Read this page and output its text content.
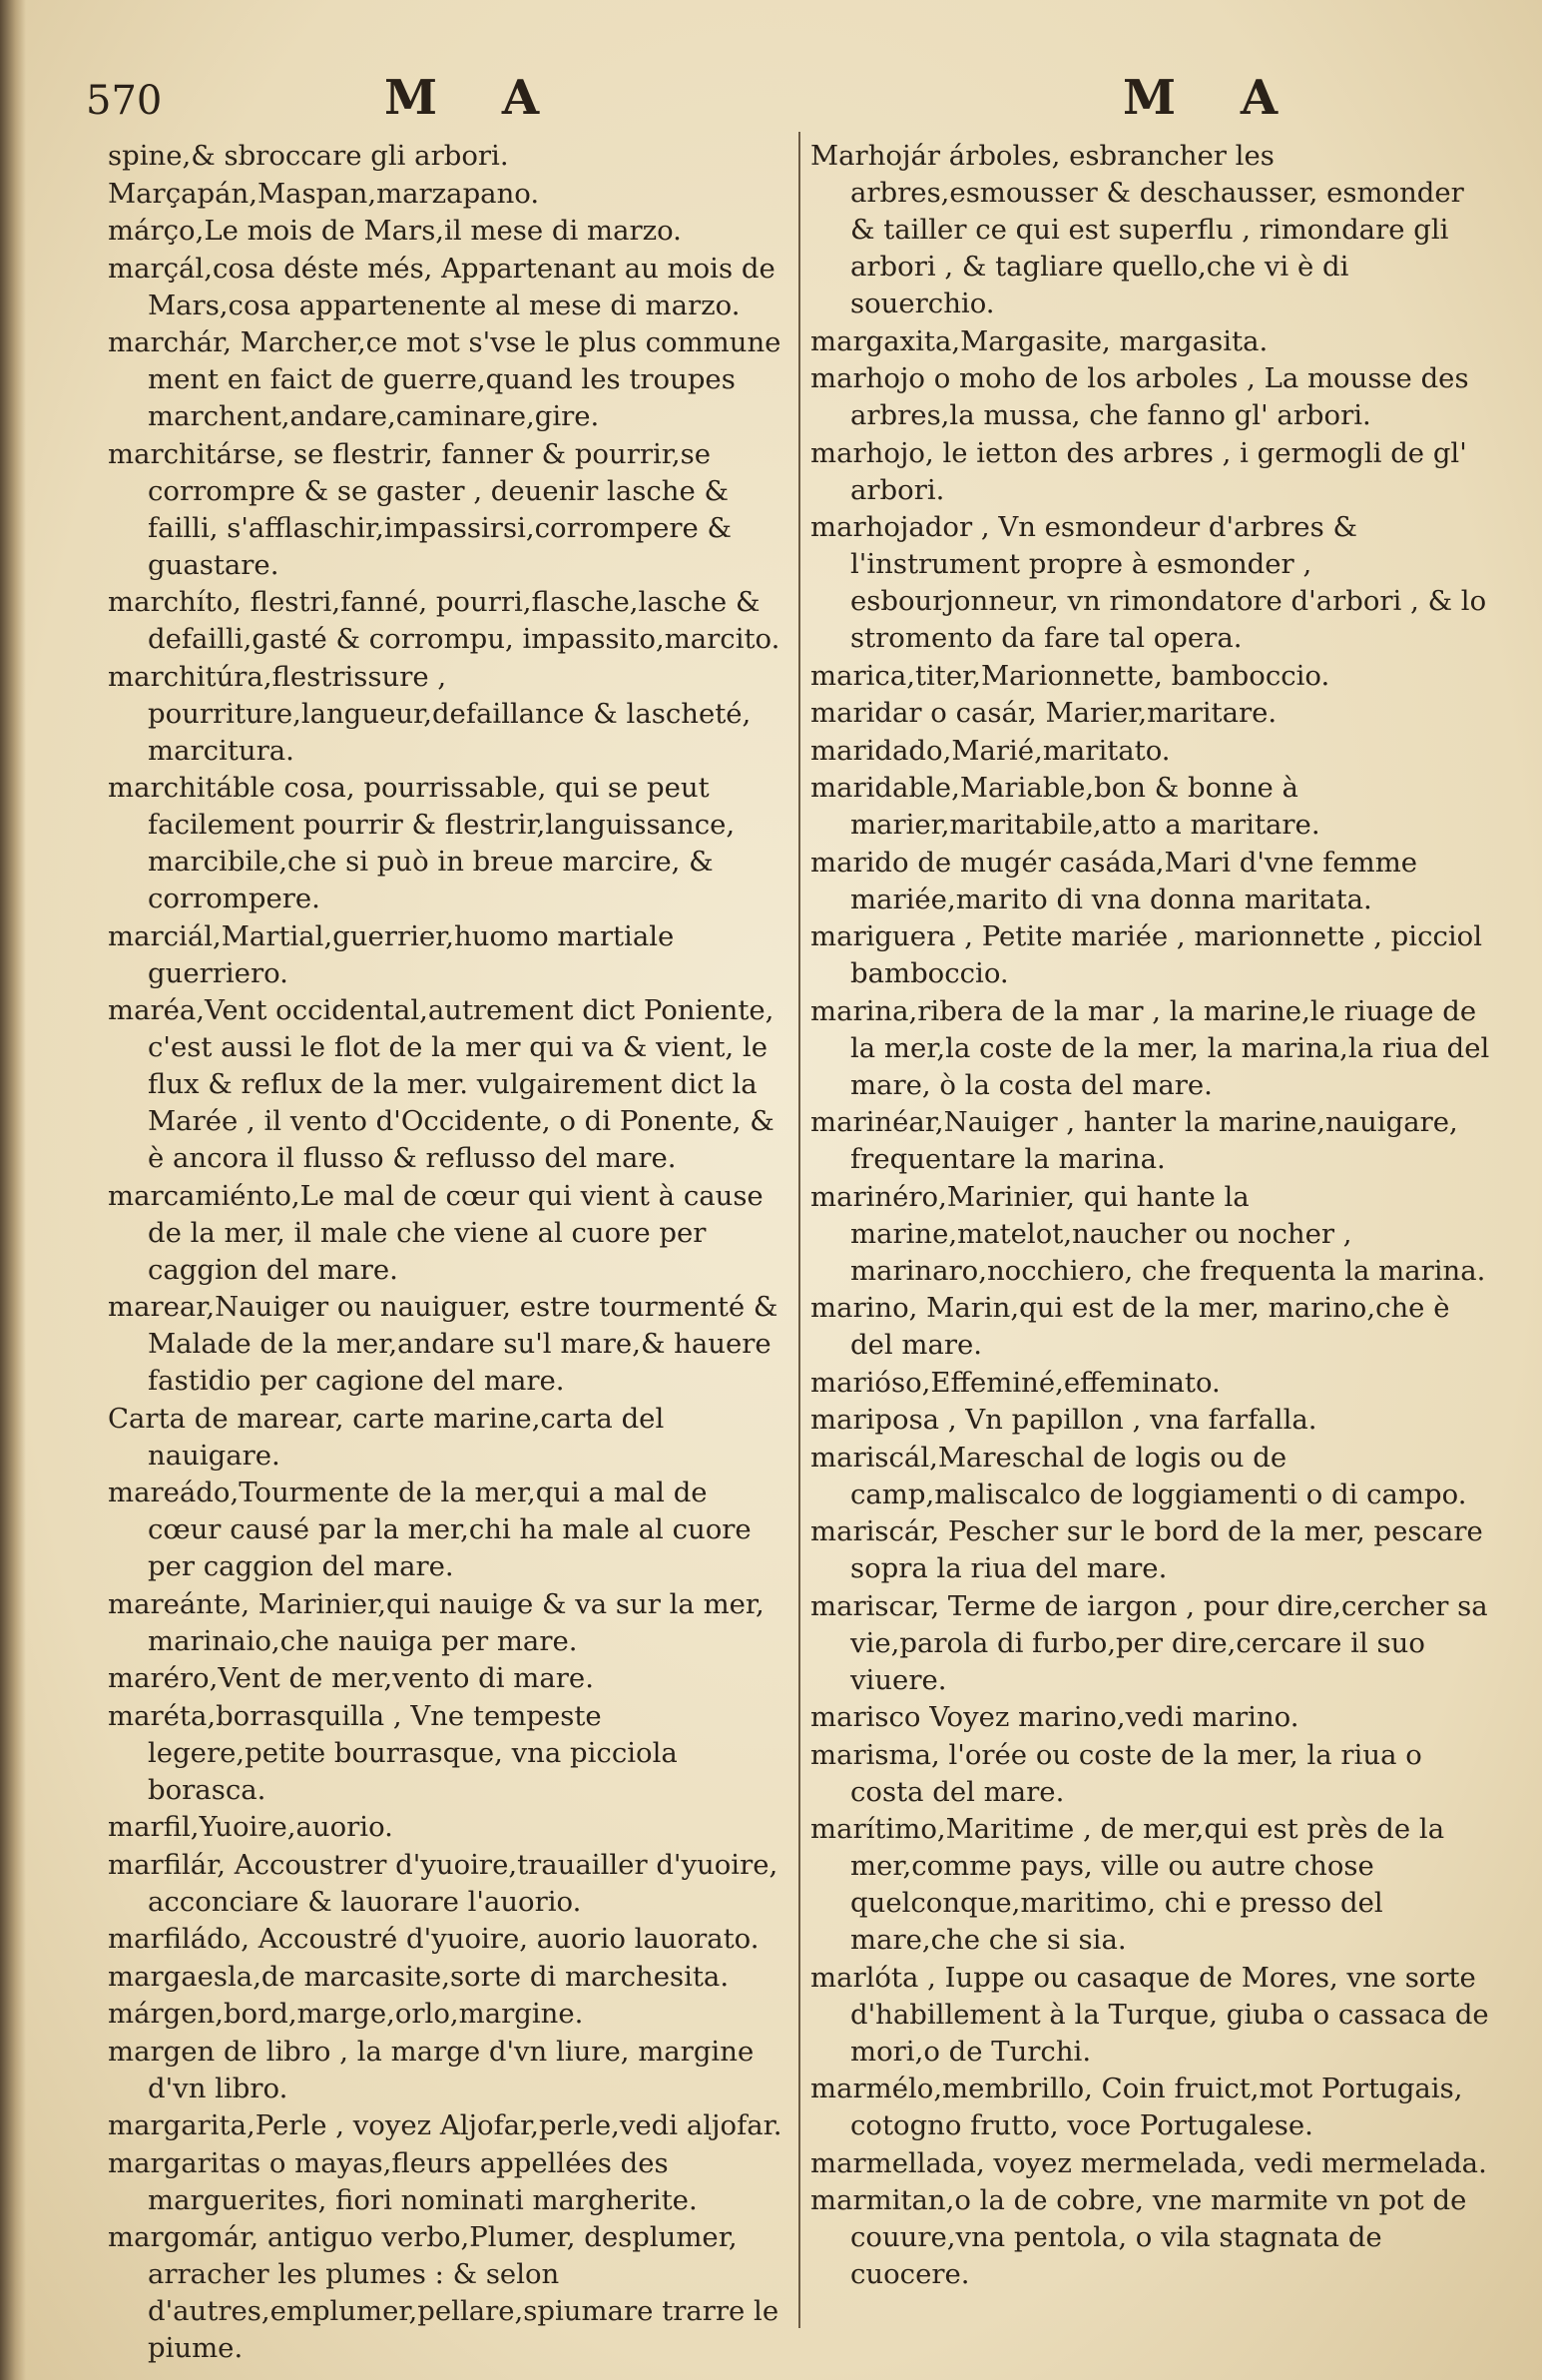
570	M A	M A
spine,& sbroccare gli arbori.
Marçapán,Maspan,marzapano.
márço,Le mois de Mars,il mese di marzo.
marçál,cosa déste més, Appartenant au mois de Mars,cosa appartenente al mese di marzo.
marchár, Marcher,ce mot s'vse le plus commune ment en faict de guerre,quand les troupes marchent,andare,caminare,gire.
marchitárse, se flestrir, fanner & pourrir,se corrompre & se gaster , deuenir lasche & failli, s'afflaschir,impassirsi,corrompere & guastare.
marchíto, flestri,fanné, pourri,flasche,lasche & defailli,gasté & corrompu, impassito,marcito.
marchitúra,flestrissure , pourriture,langueur,defaillance & lascheté, marcitura.
marchitáble cosa, pourrissable, qui se peut facilement pourrir & flestrir,languissance, marcibile,che si può in breue marcire, & corrompere.
marciál,Martial,guerrier,huomo martiale guerriero.
maréa,Vent occidental,autrement dict Poniente, c'est aussi le flot de la mer qui va & vient, le flux & reflux de la mer. vulgairement dict la Marée , il vento d'Occidente, o di Ponente, & è ancora il flusso & reflusso del mare.
marcamiénto,Le mal de cœur qui vient à cause de la mer, il male che viene al cuore per caggion del mare.
marear,Nauiger ou nauiguer, estre tourmenté & Malade de la mer,andare su'l mare,& hauere fastidio per cagione del mare.
Carta de marear, carte marine,carta del nauigare.
mareádo,Tourmente de la mer,qui a mal de cœur causé par la mer,chi ha male al cuore per caggion del mare.
mareánte, Marinier,qui nauige & va sur la mer, marinaio,che nauiga per mare.
maréro,Vent de mer,vento di mare.
maréta,borrasquilla , Vne tempeste legere,petite bourrasque, vna picciola borasca.
marfil,Yuoire,auorio.
marfilár, Accoustrer d'yuoire,trauailler d'yuoire, acconciare & lauorare l'auorio.
marfiládo, Accoustré d'yuoire, auorio lauorato.
margaesla,de marcasite,sorte di marchesita.
márgen,bord,marge,orlo,margine.
margen de libro , la marge d'vn liure, margine d'vn libro.
margarita,Perle , voyez Aljofar,perle,vedi aljofar.
margaritas o mayas,fleurs appellées des marguerites, fiori nominati margherite.
margomár, antiguo verbo,Plumer, desplumer, arracher les plumes : & selon d'autres,emplumer,pellare,spiumare trarre le piume.
Marhojár árboles, esbrancher les arbres,esmousser & deschausser, esmonder & tailler ce qui est superflu , rimondare gli arbori , & tagliare quello,che vi è di souerchio.
margaxita,Margasite, margasita.
marhojo o moho de los arboles , La mousse des arbres,la mussa, che fanno gl' arbori.
marhojo, le ietton des arbres , i germogli de gl' arbori.
marhojador , Vn esmondeur d'arbres & l'instrument propre à esmonder , esbourjonneur, vn rimondatore d'arbori , & lo stromento da fare tal opera.
marica,titer,Marionnette, bamboccio.
maridar o casár, Marier,maritare.
maridado,Marié,maritato.
maridable,Mariable,bon & bonne à marier,maritabile,atto a maritare.
marido de mugér casáda,Mari d'vne femme mariée,marito di vna donna maritata.
mariguera , Petite mariée , marionnette , picciol bamboccio.
marina,ribera de la mar , la marine,le riuage de la mer,la coste de la mer, la marina,la riua del mare, ò la costa del mare.
marinéar,Nauiger , hanter la marine,nauigare, frequentare la marina.
marinéro,Marinier, qui hante la marine,matelot,naucher ou nocher , marinaro,nocchiero, che frequenta la marina.
marino, Marin,qui est de la mer, marino,che è del mare.
marióso,Effeminé,effeminato.
mariposa , Vn papillon , vna farfalla.
mariscál,Mareschal de logis ou de camp,maliscalco de loggiamenti o di campo.
mariscár, Pescher sur le bord de la mer, pescare sopra la riua del mare.
mariscar, Terme de iargon , pour dire,cercher sa vie,parola di furbo,per dire,cercare il suo viuere.
marisco Voyez marino,vedi marino.
marisma, l'orée ou coste de la mer, la riua o costa del mare.
marítimo,Maritime , de mer,qui est près de la mer,comme pays, ville ou autre chose quelconque,maritimo, chi e presso del mare,che che si sia.
marlóta , Iuppe ou casaque de Mores, vne sorte d'habillement à la Turque, giuba o cassaca de mori,o de Turchi.
marmélo,membrillo, Coin fruict,mot Portugais, cotogno frutto, voce Portugalese.
marmellada, voyez mermelada, vedi mermelada.
marmitan,o la de cobre, vne marmite vn pot de couure,vna pentola, o vila stagnata de cuocere.
